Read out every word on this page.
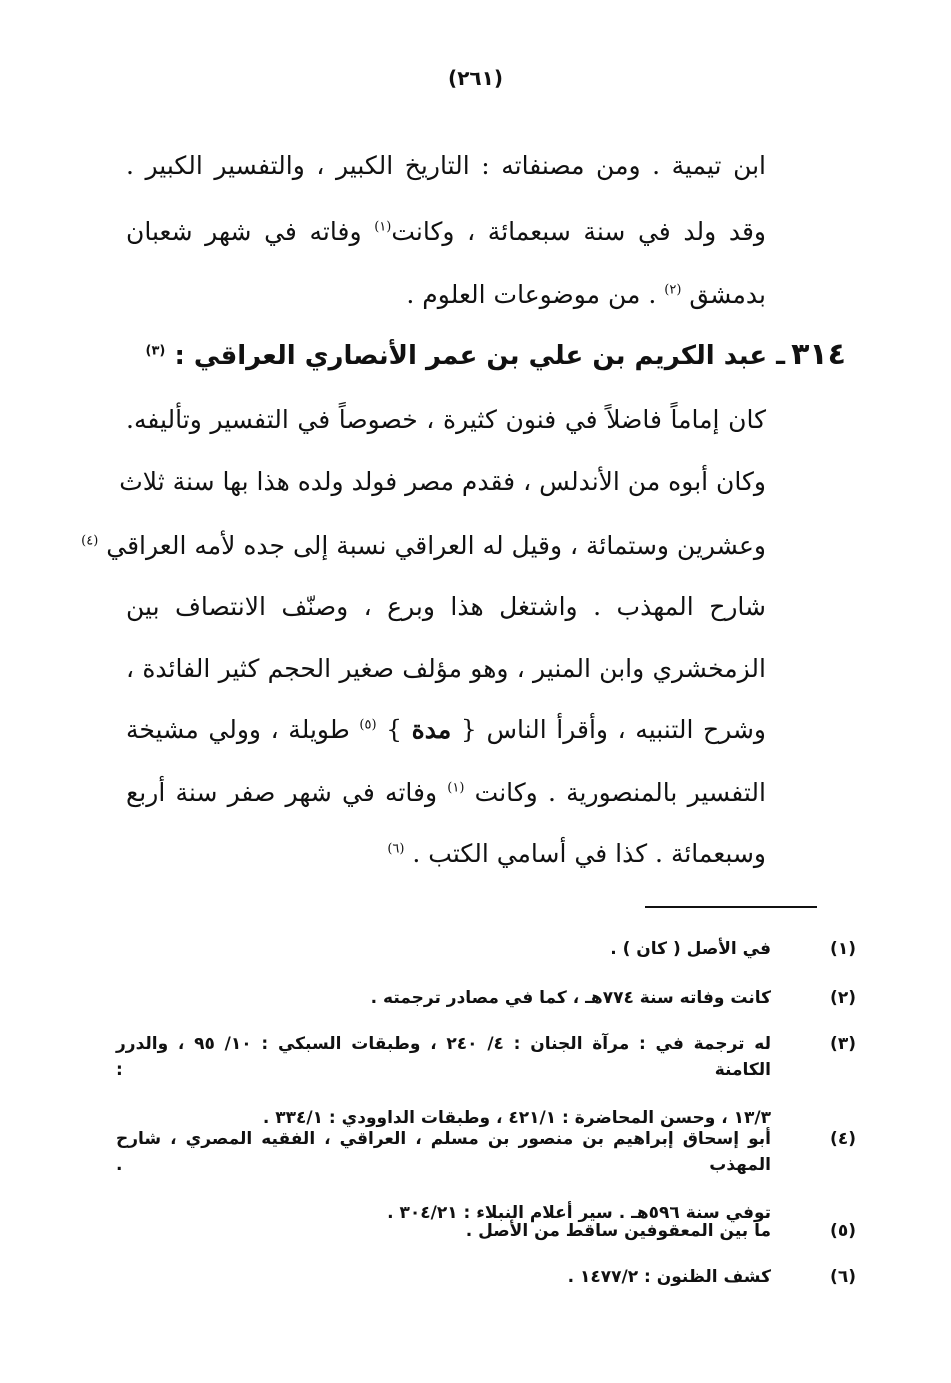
(٢٦١)
ابن تيمية . ومن مصنفاته : التاريخ الكبير ، والتفسير الكبير .
وقد ولد في سنة سبعمائة ، وكانت$^{(١)}$ وفاته في شهر شعبان
بدمشق $^{(٢)}$ . من موضوعات العلوم .
٣١٤ـ عبد الكريم بن علي بن عمر الأنصاري العراقي : $^{(٣)}$
كان إماماً فاضلاً في فنون كثيرة ، خصوصاً في التفسير وتأليفه.
وكان أبوه من الأندلس ، فقدم مصر فولد ولده هذا بها سنة ثلاث
وعشرين وستمائة ، وقيل له العراقي نسبة إلى جده لأمه العراقي $^{(٤)}$
شارح المهذب . واشتغل هذا وبرع ، وصنّف الانتصاف بين
الزمخشري وابن المنير ، وهو مؤلف صغير الحجم كثير الفائدة ،
وشرح التنبيه ، وأقرأ الناس { مدة } $^{(٥)}$ طويلة ، وولي مشيخة
التفسير بالمنصورية . وكانت $^{(١)}$ وفاته في شهر صفر سنة أربع
وسبعمائة . كذا في أسامي الكتب . $^{(٦)}$
(١)
في الأصل ( كان ) .
(٢)
كانت وفاته سنة ٧٧٤هـ ، كما في مصادر ترجمته .
(٣)
له ترجمة في : مرآة الجنان : ٤/ ٢٤٠ ، وطبقات السبكي : ١٠/ ٩٥ ، والدرر الكامنة :
١٣/٣ ، وحسن المحاضرة : ٤٢١/١ ، وطبقات الداوودي : ٣٣٤/١ .
(٤)
أبو إسحاق إبراهيم بن منصور بن مسلم ، العراقي ، الفقيه المصري ، شارح المهذب .
توفي سنة ٥٩٦هـ . سير أعلام النبلاء : ٣٠٤/٢١ .
(٥)
ما بين المعقوفين ساقط من الأصل .
(٦)
كشف الظنون : ١٤٧٧/٢ .
